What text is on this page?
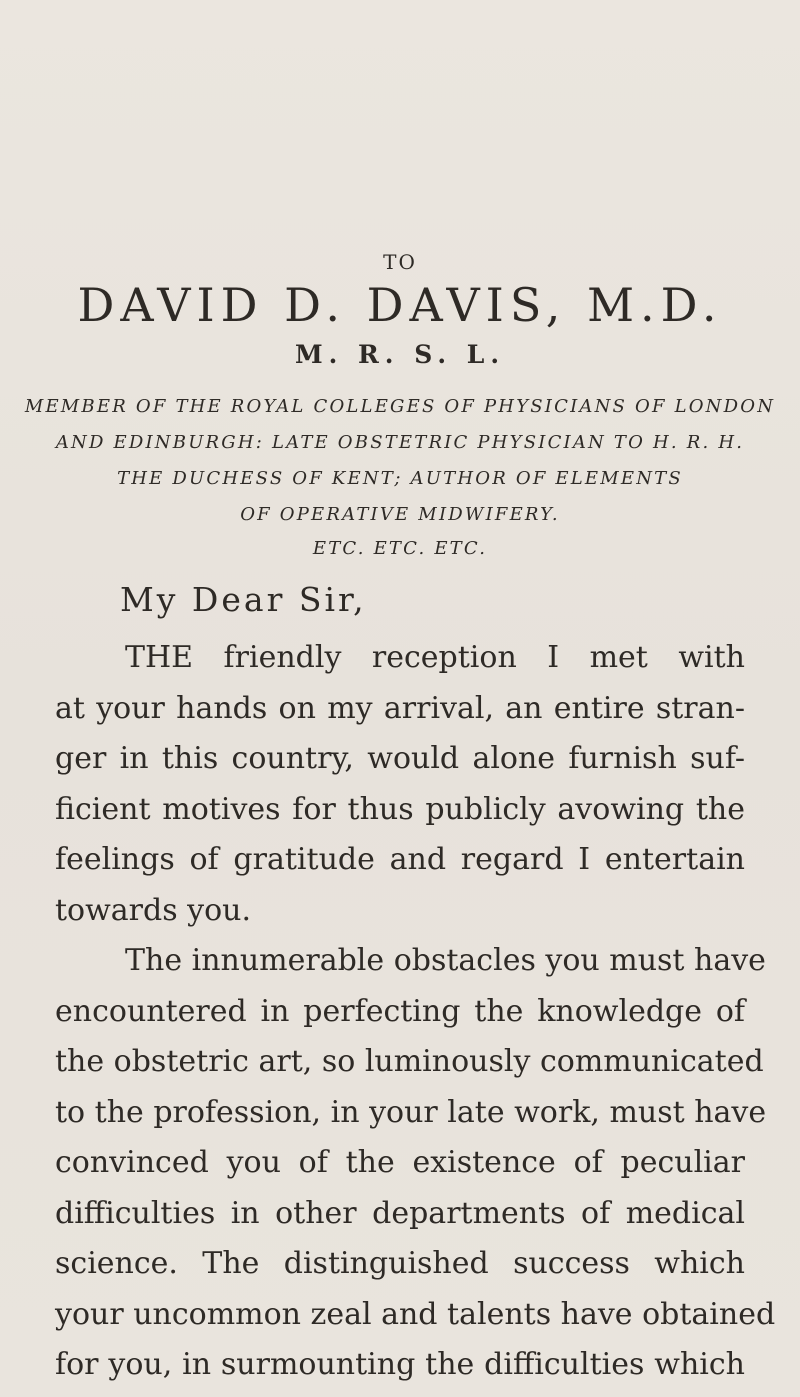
TO

DAVID D. DAVIS, M.D.

M. R. S. L.

MEMBER OF THE ROYAL COLLEGES OF PHYSICIANS OF LONDON

AND EDINBURGH: LATE OBSTETRIC PHYSICIAN TO H. R. H.

THE DUCHESS OF KENT; AUTHOR OF ELEMENTS

OF OPERATIVE MIDWIFERY.

ETC. ETC. ETC.

My Dear Sir,

THE friendly reception I met with

at your hands on my arrival, an entire stran-

ger in this country, would alone furnish suf-

ficient motives for thus publicly avowing the

feelings of gratitude and regard I entertain

towards you.

The innumerable obstacles you must have

encountered in perfecting the knowledge of

the obstetric art, so luminously communicated

to the profession, in your late work, must have

convinced you of the existence of peculiar

difficulties in other departments of medical

science. The distinguished success which

your uncommon zeal and talents have obtained

for you, in surmounting the difficulties which
